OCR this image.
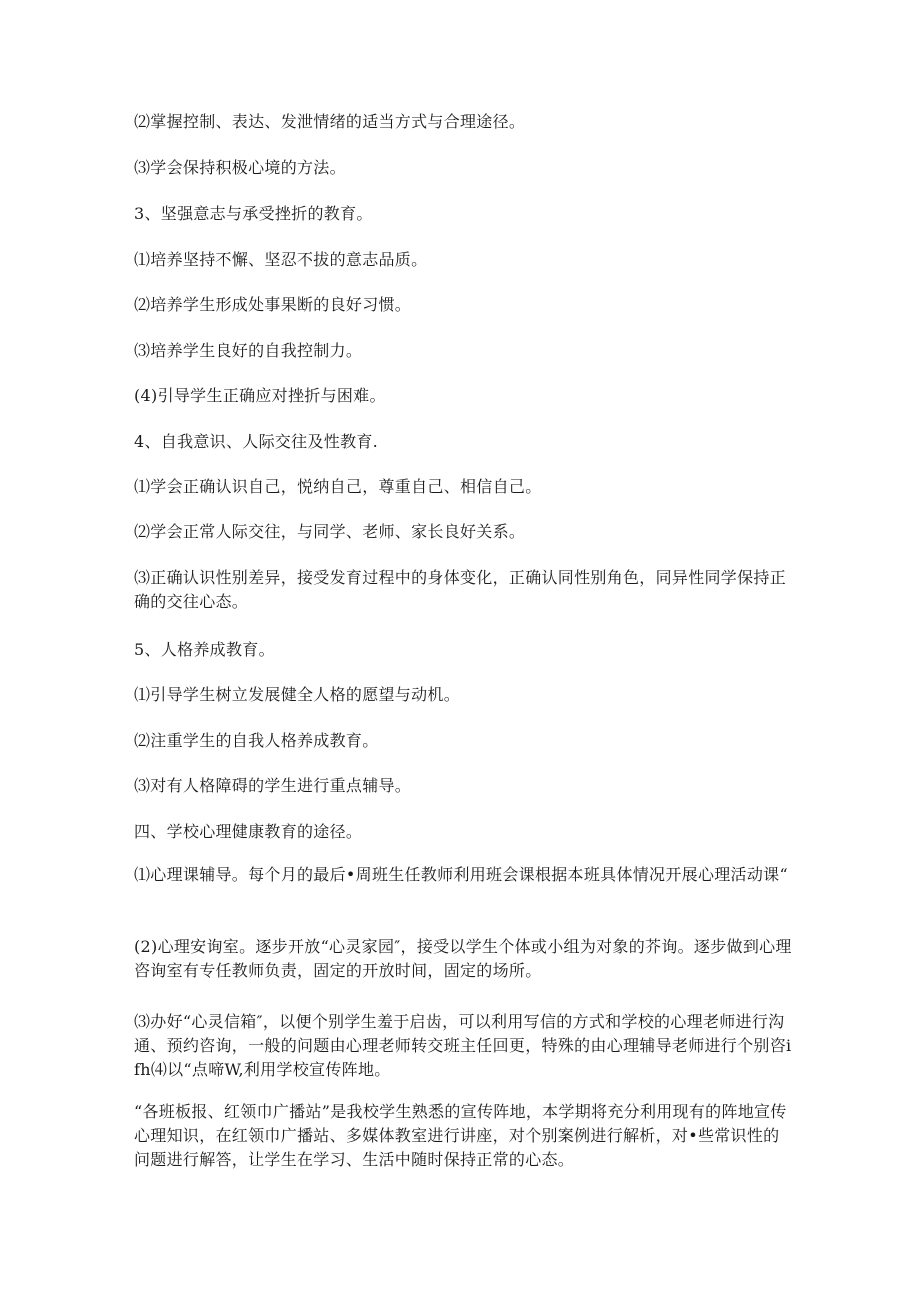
⑵掌握控制、表达、发泄情绪的适当方式与合理途径。

⑶学会保持积极心境的方法。

3、坚强意志与承受挫折的教育。

⑴培养坚持不懈、坚忍不拔的意志品质。

⑵培养学生形成处事果断的良好习惯。

⑶培养学生良好的自我控制力。

(4)引导学生正确应对挫折与困难。

4、自我意识、人际交往及性教育.

⑴学会正确认识自己，悦纳自己，尊重自己、相信自己。

⑵学会正常人际交往，与同学、老师、家长良好关系。

⑶正确认识性别差异，接受发育过程中的身体变化，正确认同性别角色，同异性同学保持正确的交往心态。

5、人格养成教育。

⑴引导学生树立发展健全人格的愿望与动机。

⑵注重学生的自我人格养成教育。

⑶对有人格障碍的学生进行重点辅导。

四、学校心理健康教育的途径。

⑴心理课辅导。每个月的最后•周班生任教师利用班会课根据本班具体情况开展心理活动课“

(2)心理安询室。逐步开放“心灵家园″，接受以学生个体或小组为对象的芥询。逐步做到心理咨询室有专任教师负责，固定的开放时间，固定的场所。

⑶办好“心灵信箱″，以便个别学生羞于启齿，可以利用写信的方式和学校的心理老师进行沟通、预约咨询，一般的问题由心理老师转交班主任回更，特殊的由心理辅导老师进行个别咨ifh⑷以“点啼W,利用学校宣传阵地。

“各班板报、红领巾广播站”是我校学生熟悉的宣传阵地，本学期将充分利用现有的阵地宣传心理知识，在红领巾广播站、多媒体教室进行讲座，对个别案例进行解析，对•些常识性的问题进行解答，让学生在学习、生活中随时保持正常的心态。
